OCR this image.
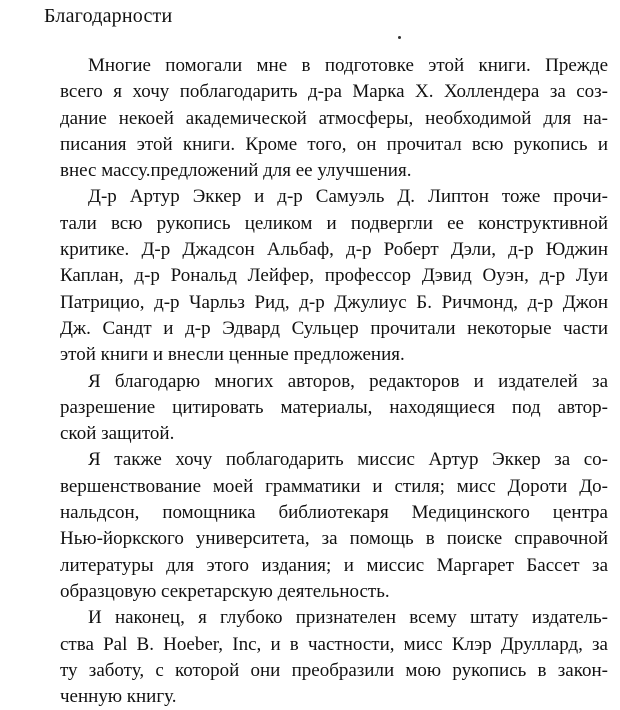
Благодарности

Многие помогали мне в подготовке этой книги. Прежде
всего я хочу поблагодарить д-ра Марка Х. Холлендера за соз-
дание некоей академической атмосферы, необходимой для на-
писания этой книги. Кроме того, он прочитал всю рукопись и
внес массу.предложений для ее улучшения.

Д-р Артур Эккер и д-р Самуэль Д. Липтон тоже прочи-
тали всю рукопись целиком и подвергли ее конструктивной
критике. Д-р Джадсон Альбаф, д-р Роберт Дэли, д-р Юджин
Каплан, д-р Рональд Лейфер, профессор Дэвид Оуэн, д-р Луи
Патрицио, д-р Чарльз Рид, д-р Джулиус Б. Ричмонд, д-р Джон
Дж. Сандт и д-р Эдвард Сульцер прочитали некоторые части
этой книги и внесли ценные предложения.

Я благодарю многих авторов, редакторов и издателей за
разрешение цитировать материалы, находящиеся под автор-
ской защитой.

Я также хочу поблагодарить миссис Артур Эккер за со-
вершенствование моей грамматики и стиля; мисс Дороти До-
нальдсон, помощника библиотекаря Медицинского центра
Нью-йоркского университета, за помощь в поиске справочной
литературы для этого издания; и миссис Маргарет Бассет за
образцовую секретарскую деятельность.

И наконец, я глубоко признателен всему штату издатель-
ства Pal B. Hoeber, Inc, и в частности, мисс Клэр Друллард, за
ту заботу, с которой они преобразили мою рукопись в закон-
ченную книгу.
